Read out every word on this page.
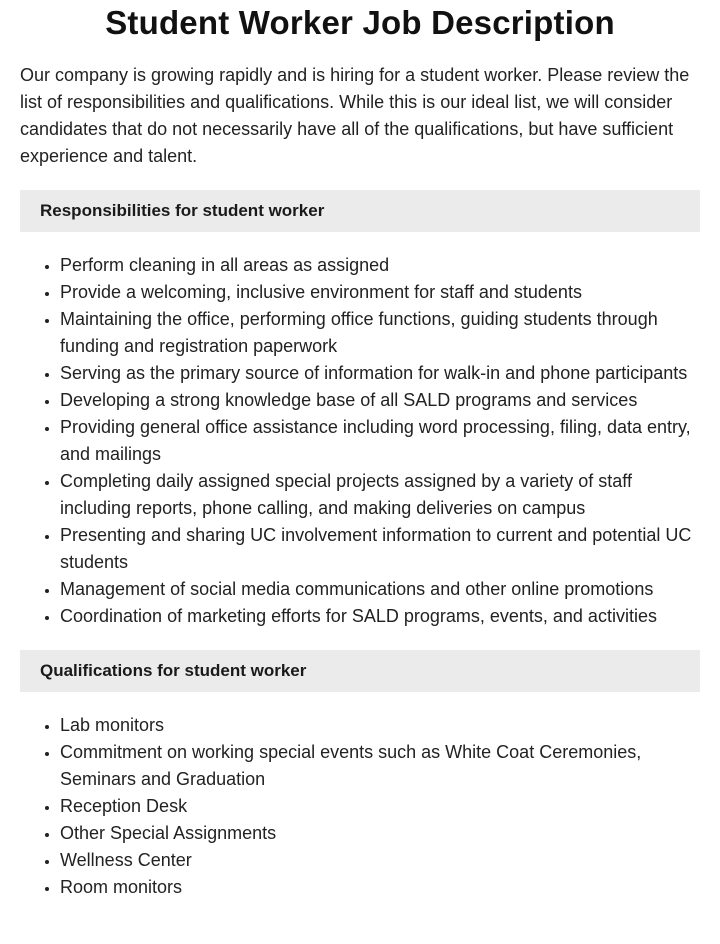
Student Worker Job Description

Our company is growing rapidly and is hiring for a student worker. Please review the list of responsibilities and qualifications. While this is our ideal list, we will consider candidates that do not necessarily have all of the qualifications, but have sufficient experience and talent.

Responsibilities for student worker
• Perform cleaning in all areas as assigned
• Provide a welcoming, inclusive environment for staff and students
• Maintaining the office, performing office functions, guiding students through funding and registration paperwork
• Serving as the primary source of information for walk-in and phone participants
• Developing a strong knowledge base of all SALD programs and services
• Providing general office assistance including word processing, filing, data entry, and mailings
• Completing daily assigned special projects assigned by a variety of staff including reports, phone calling, and making deliveries on campus
• Presenting and sharing UC involvement information to current and potential UC students
• Management of social media communications and other online promotions
• Coordination of marketing efforts for SALD programs, events, and activities
Qualifications for student worker
• Lab monitors
• Commitment on working special events such as White Coat Ceremonies, Seminars and Graduation
• Reception Desk
• Other Special Assignments
• Wellness Center
• Room monitors
